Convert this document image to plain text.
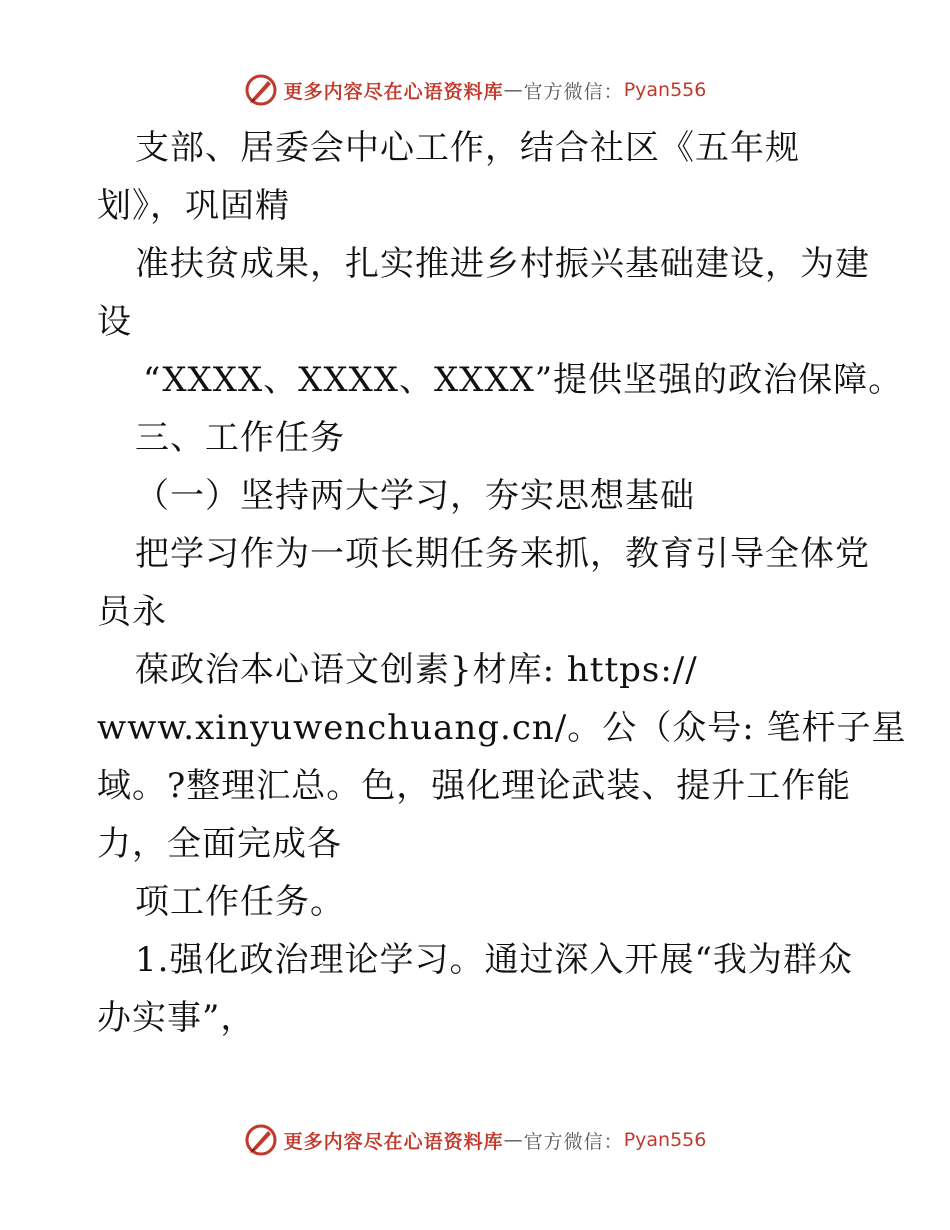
更多内容尽在心语资料库 — 官方微信： Pyan556
支部、居委会中心工作，结合社区《五年规
划》，巩固精
准扶贫成果，扎实推进乡村振兴基础建设，为建
设
“XXXX、XXXX、XXXX”提供坚强的政治保障。
三、工作任务
（一）坚持两大学习，夯实思想基础
把学习作为一项长期任务来抓，教育引导全体党
员永
葆政治本心语文创素}材库: https://
www.xinyuwenchuang.cn/。公（众号: 笔杆子星
域。?整理汇总。色，强化理论武装、提升工作能
力，全面完成各
项工作任务。
1.强化政治理论学习。通过深入开展“我为群众
办实事”，
更多内容尽在心语资料库 — 官方微信： Pyan556
